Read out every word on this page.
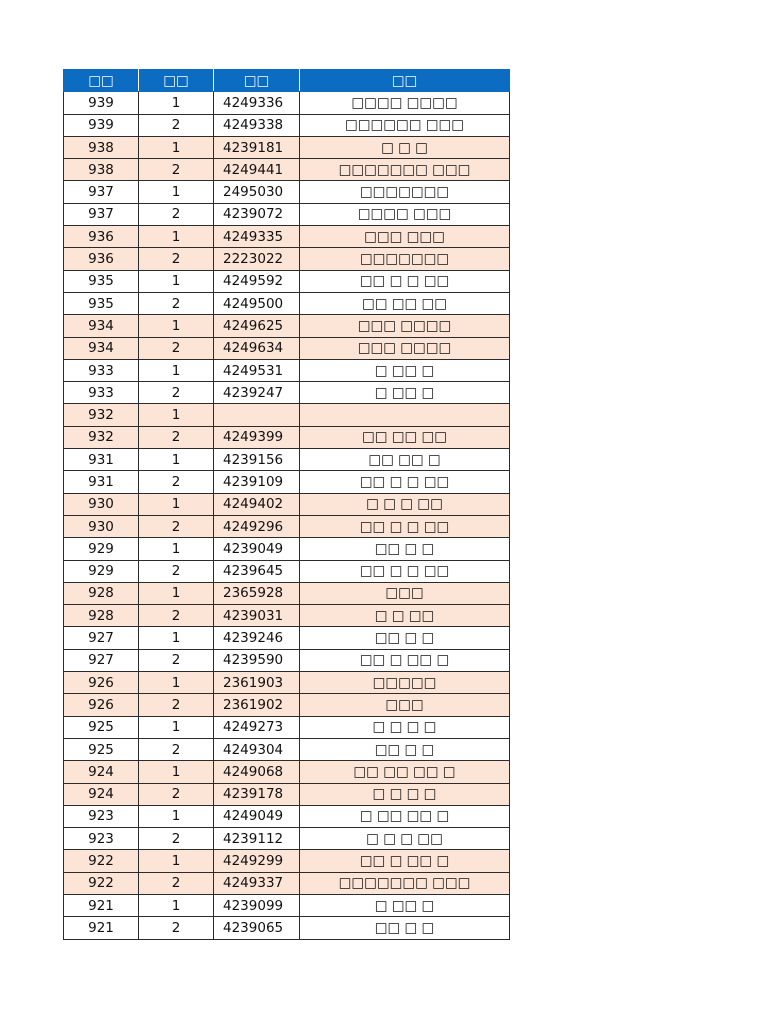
□□	□□	□□	□□
939	1	4249336	□□□□ □□□□
939	2	4249338	□□□□□□ □□□
938	1	4239181	□ □ □
938	2	4249441	□□□□□□□ □□□
937	1	2495030	□□□□□□□
937	2	4239072	□□□□ □□□
936	1	4249335	□□□ □□□
936	2	2223022	□□□□□□□
935	1	4249592	□□ □ □ □□
935	2	4249500	□□ □□ □□
934	1	4249625	□□□ □□□□
934	2	4249634	□□□ □□□□
933	1	4249531	□ □□ □
933	2	4239247	□ □□ □
932	1		
932	2	4249399	□□ □□ □□
931	1	4239156	□□ □□ □
931	2	4239109	□□ □ □ □□
930	1	4249402	□ □ □ □□
930	2	4249296	□□ □ □ □□
929	1	4239049	□□ □ □
929	2	4239645	□□ □ □ □□
928	1	2365928	□□□
928	2	4239031	□ □ □□
927	1	4239246	□□ □ □
927	2	4239590	□□ □ □□ □
926	1	2361903	□□□□□
926	2	2361902	□□□
925	1	4249273	□ □ □ □
925	2	4249304	□□ □ □
924	1	4249068	□□ □□ □□ □
924	2	4239178	□ □ □ □
923	1	4249049	□ □□ □□ □
923	2	4239112	□ □ □ □□
922	1	4249299	□□ □ □□ □
922	2	4249337	□□□□□□□ □□□
921	1	4239099	□ □□ □
921	2	4239065	□□ □ □
